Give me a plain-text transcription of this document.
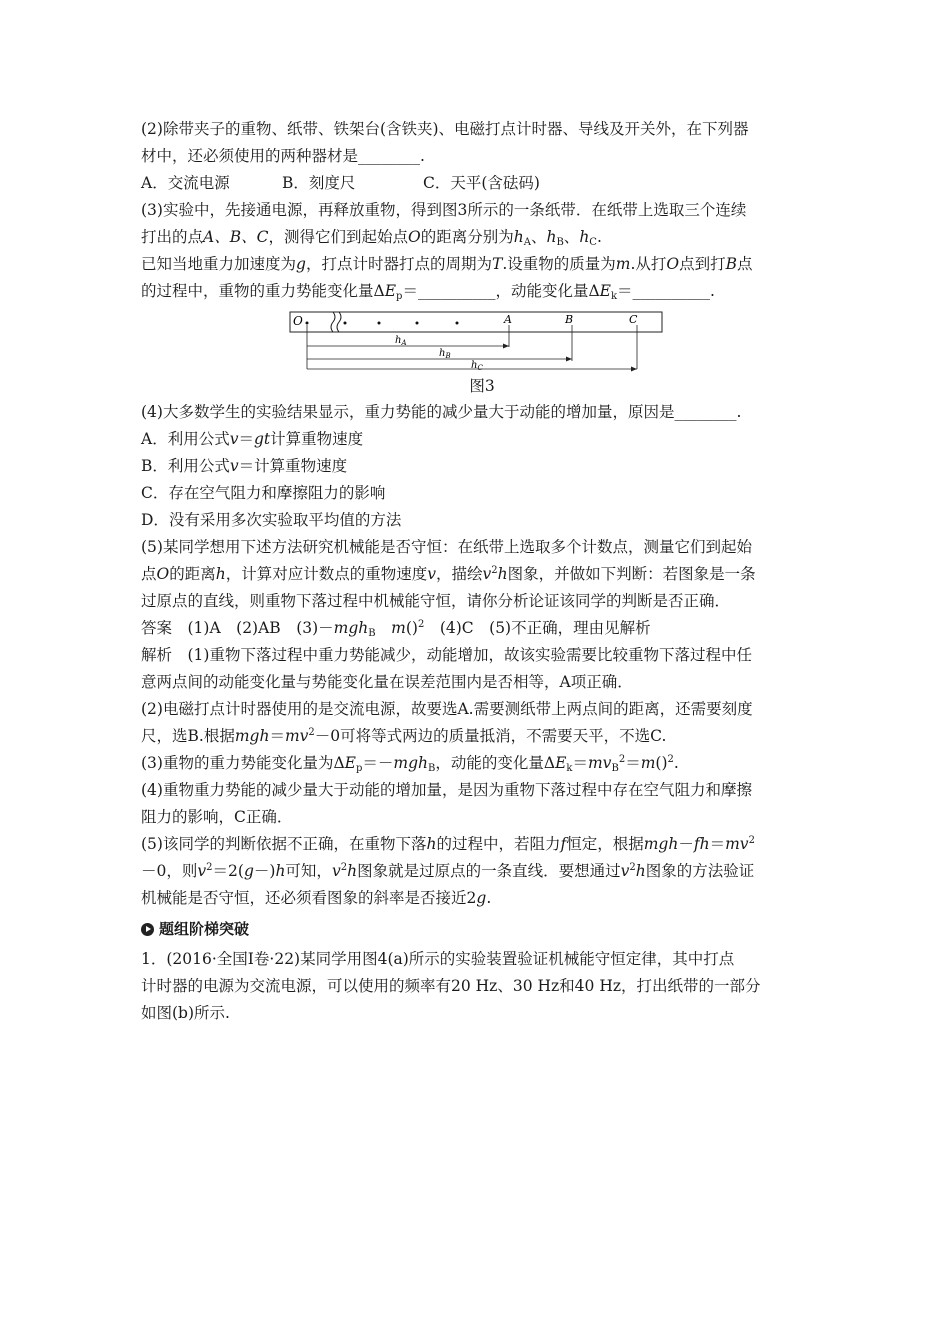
(2)除带夹子的重物、纸带、铁架台(含铁夹)、电磁打点计时器、导线及开关外，在下列器
材中，还必须使用的两种器材是________.
A．交流电源	B．刻度尺	C．天平(含砝码)
(3)实验中，先接通电源，再释放重物，得到图3所示的一条纸带．在纸带上选取三个连续
打出的点A、B、C，测得它们到起始点O的距离分别为$h_A$、$h_B$、$h_C$.
已知当地重力加速度为g，打点计时器打点的周期为T.设重物的质量为m.从打O点到打B点
的过程中，重物的重力势能变化量$\Delta E_p=\_\_\_\_\_\_\_\_\_\_$，动能变化量$\Delta E_k=\_\_\_\_\_\_\_\_\_\_$.
O	A	B	C
$h_A$
$h_B$
$h_C$
图3
(4)大多数学生的实验结果显示，重力势能的减少量大于动能的增加量，原因是________.
A．利用公式v＝gt计算重物速度
B．利用公式v＝计算重物速度
C．存在空气阻力和摩擦阻力的影响
D．没有采用多次实验取平均值的方法
(5)某同学想用下述方法研究机械能是否守恒：在纸带上选取多个计数点，测量它们到起始
点O的距离h，计算对应计数点的重物速度v，描绘$v^2h$图象，并做如下判断：若图象是一条
过原点的直线，则重物下落过程中机械能守恒，请你分析论证该同学的判断是否正确．
答案　(1)A　(2)AB　(3)－mgh$_B$　 m()$^2$　(4)C　(5)不正确，理由见解析
解析　(1)重物下落过程中重力势能减少，动能增加，故该实验需要比较重物下落过程中任
意两点间的动能变化量与势能变化量在误差范围内是否相等，A项正确．
(2)电磁打点计时器使用的是交流电源，故要选A.需要测纸带上两点间的距离，还需要刻度
尺，选B.根据$mgh=mv^2-0$可将等式两边的质量抵消，不需要天平，不选C.
(3)重物的重力势能变化量为$\Delta E_p=-mgh_B$，动能的变化量$\Delta E_k=mv_B^2=m()^2$.
(4)重物重力势能的减少量大于动能的增加量，是因为重物下落过程中存在空气阻力和摩擦
阻力的影响，C正确．
(5)该同学的判断依据不正确，在重物下落h的过程中，若阻力f恒定，根据$mgh-fh=mv^2$
－0，则$v^2=2(g-)h$可知，$v^2h$图象就是过原点的一条直线．要想通过$v^2h$图象的方法验证
机械能是否守恒，还必须看图象的斜率是否接近2g.
题组阶梯突破
1．(2016·全国Ⅰ卷·22)某同学用图4(a)所示的实验装置验证机械能守恒定律，其中打点
计时器的电源为交流电源，可以使用的频率有20 Hz、30 Hz和40 Hz，打出纸带的一部分
如图(b)所示.
